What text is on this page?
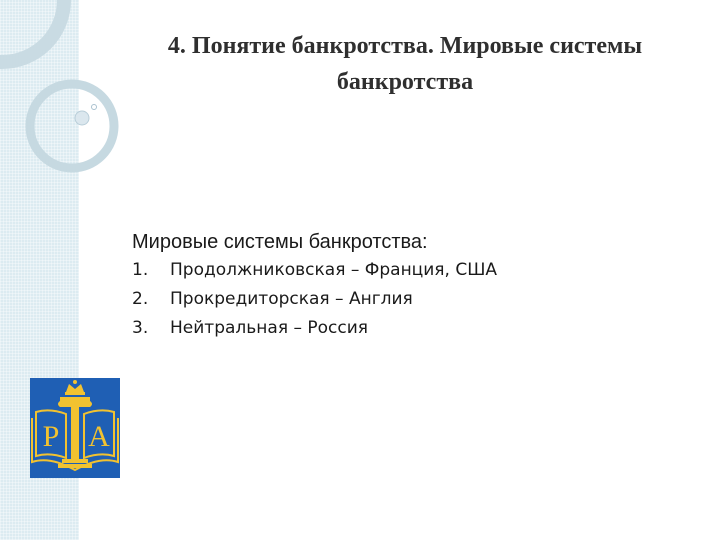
4. Понятие банкротства. Мировые системы банкротства
Мировые системы банкротства:
1.	Продолжниковская – Франция, США
2.	Прокредиторская – Англия
3.	Нейтральная – Россия
Р А
